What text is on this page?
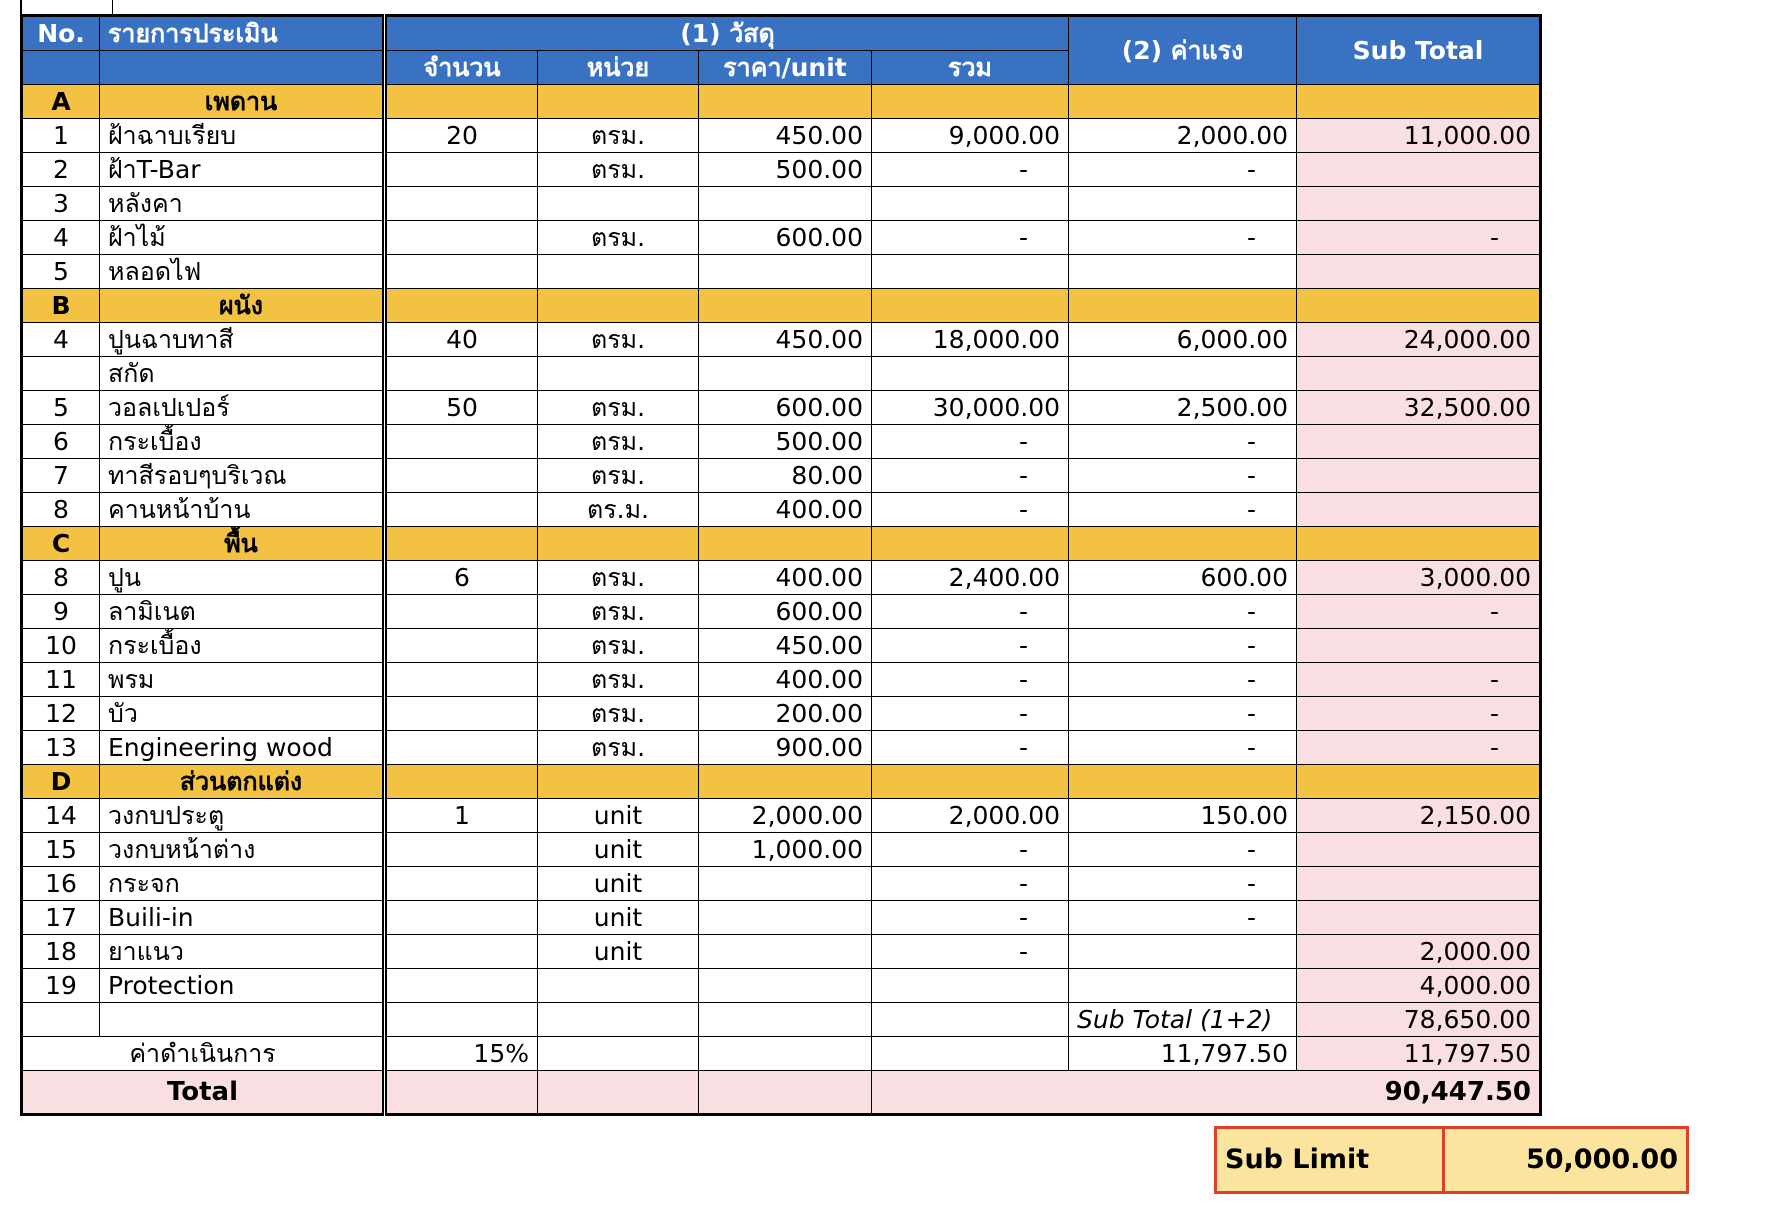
No.	รายการประเมิน	(1) วัสดุ				(2) ค่าแรง	Sub Total
		จำนวน	หน่วย	ราคา/unit	รวม		
A	เพดาน						
1	ฝ้าฉาบเรียบ	20	ตรม.	450.00	9,000.00	2,000.00	11,000.00
2	ฝ้าT-Bar		ตรม.	500.00	-	-	
3	หลังคา						
4	ฝ้าไม้		ตรม.	600.00	-	-	-
5	หลอดไฟ						
B	ผนัง						
4	ปูนฉาบทาสี	40	ตรม.	450.00	18,000.00	6,000.00	24,000.00
	สกัด						
5	วอลเปเปอร์	50	ตรม.	600.00	30,000.00	2,500.00	32,500.00
6	กระเบื้อง		ตรม.	500.00	-	-	
7	ทาสีรอบๆบริเวณ		ตรม.	80.00	-	-	
8	คานหน้าบ้าน		ตร.ม.	400.00	-	-	
C	พื้น						
8	ปูน	6	ตรม.	400.00	2,400.00	600.00	3,000.00
9	ลามิเนต		ตรม.	600.00	-	-	-
10	กระเบื้อง		ตรม.	450.00	-	-	
11	พรม		ตรม.	400.00	-	-	-
12	บัว		ตรม.	200.00	-	-	-
13	Engineering wood		ตรม.	900.00	-	-	-
D	ส่วนตกแต่ง						
14	วงกบประตู	1	unit	2,000.00	2,000.00	150.00	2,150.00
15	วงกบหน้าต่าง		unit	1,000.00	-	-	
16	กระจก		unit		-	-	
17	Buili-in		unit		-	-	
18	ยาแนว		unit		-		2,000.00
19	Protection						4,000.00
						Sub Total (1+2)	78,650.00
ค่าดำเนินการ		15%				11,797.50	11,797.50
Total					90,447.50		
Sub Limit	50,000.00
